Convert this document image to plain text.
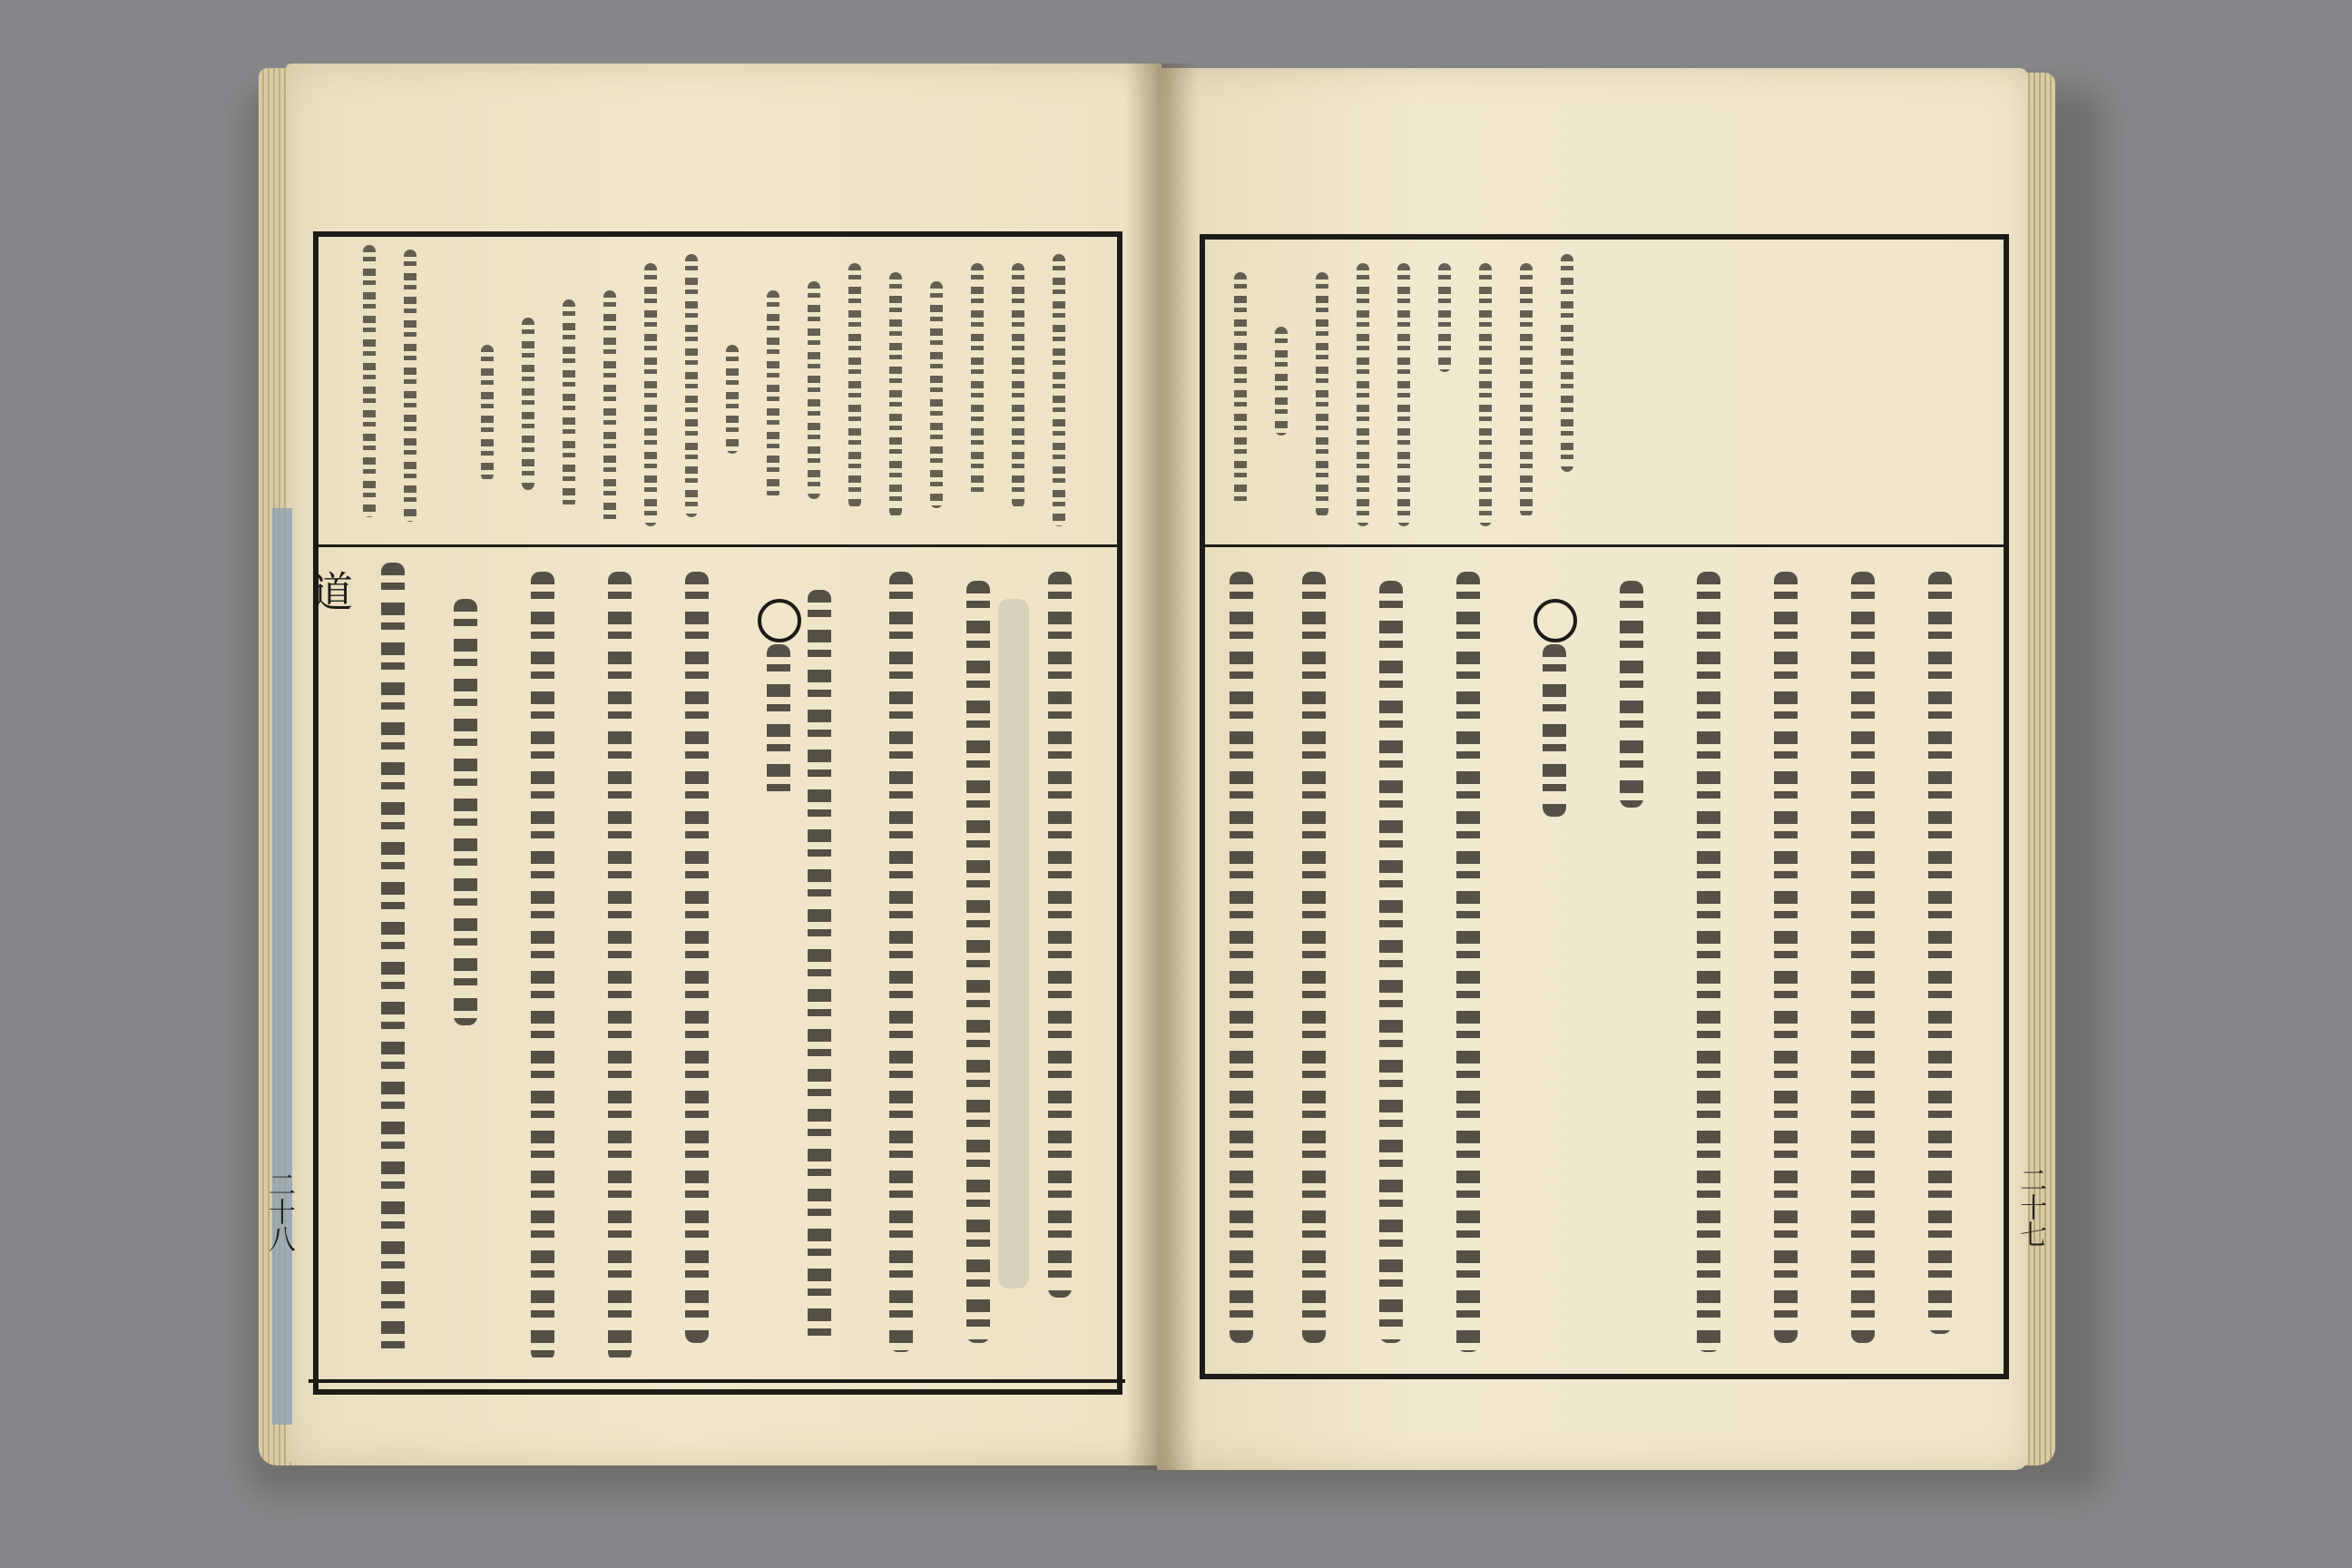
道
二十八	二十七
